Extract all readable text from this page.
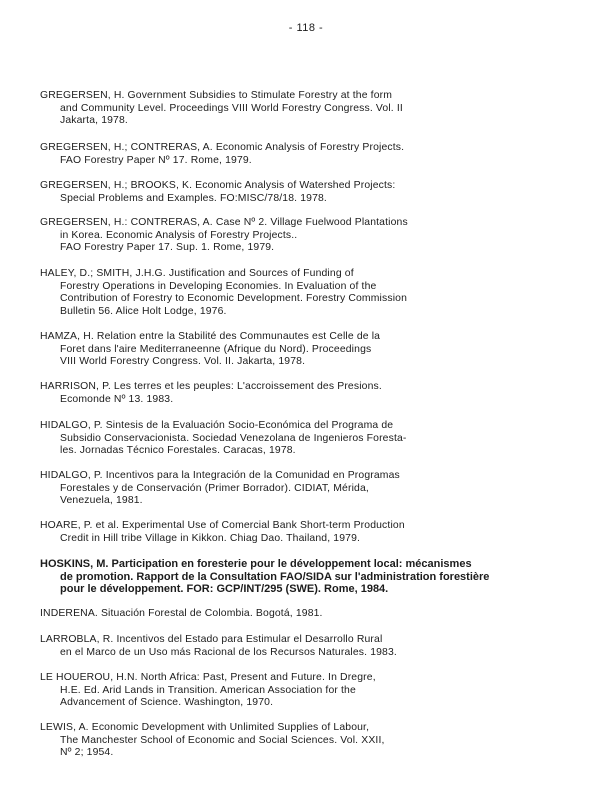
- 118 -
GREGERSEN, H. Government Subsidies to Stimulate Forestry at the form
and Community Level. Proceedings VIII World Forestry Congress. Vol. II
Jakarta, 1978.
GREGERSEN, H.; CONTRERAS, A. Economic Analysis of Forestry Projects.
FAO Forestry Paper Nº 17. Rome, 1979.
GREGERSEN, H.; BROOKS, K. Economic Analysis of Watershed Projects:
Special Problems and Examples. FO:MISC/78/18. 1978.
GREGERSEN, H.: CONTRERAS, A. Case Nº 2. Village Fuelwood Plantations
in Korea. Economic Analysis of Forestry Projects..
FAO Forestry Paper 17. Sup. 1. Rome, 1979.
HALEY, D.; SMITH, J.H.G. Justification and Sources of Funding of
Forestry Operations in Developing Economies. In Evaluation of the
Contribution of Forestry to Economic Development. Forestry Commission
Bulletin 56. Alice Holt Lodge, 1976.
HAMZA, H. Relation entre la Stabilité des Communautes est Celle de la
Foret dans l'aire Mediterraneenne (Afrique du Nord). Proceedings
VIII World Forestry Congress. Vol. II. Jakarta, 1978.
HARRISON, P. Les terres et les peuples: L'accroissement des Presions.
Ecomonde Nº 13. 1983.
HIDALGO, P. Sintesis de la Evaluación Socio-Económica del Programa de
Subsidio Conservacionista. Sociedad Venezolana de Ingenieros Foresta-
les. Jornadas Técnico Forestales. Caracas, 1978.
HIDALGO, P. Incentivos para la Integración de la Comunidad en Programas
Forestales y de Conservación (Primer Borrador). CIDIAT, Mérida,
Venezuela, 1981.
HOARE, P. et al. Experimental Use of Comercial Bank Short-term Production
Credit in Hill tribe Village in Kikkon. Chiag Dao. Thailand, 1979.
HOSKINS, M. Participation en foresterie pour le développement local: mécanismes
de promotion. Rapport de la Consultation FAO/SIDA sur l'administration forestière
pour le développement. FOR: GCP/INT/295 (SWE). Rome, 1984.
INDERENA. Situación Forestal de Colombia. Bogotá, 1981.
LARROBLA, R. Incentivos del Estado para Estimular el Desarrollo Rural
en el Marco de un Uso más Racional de los Recursos Naturales. 1983.
LE HOUEROU, H.N. North Africa: Past, Present and Future. In Dregre,
H.E. Ed. Arid Lands in Transition. American Association for the
Advancement of Science. Washington, 1970.
LEWIS, A. Economic Development with Unlimited Supplies of Labour,
The Manchester School of Economic and Social Sciences. Vol. XXII,
Nº 2; 1954.
